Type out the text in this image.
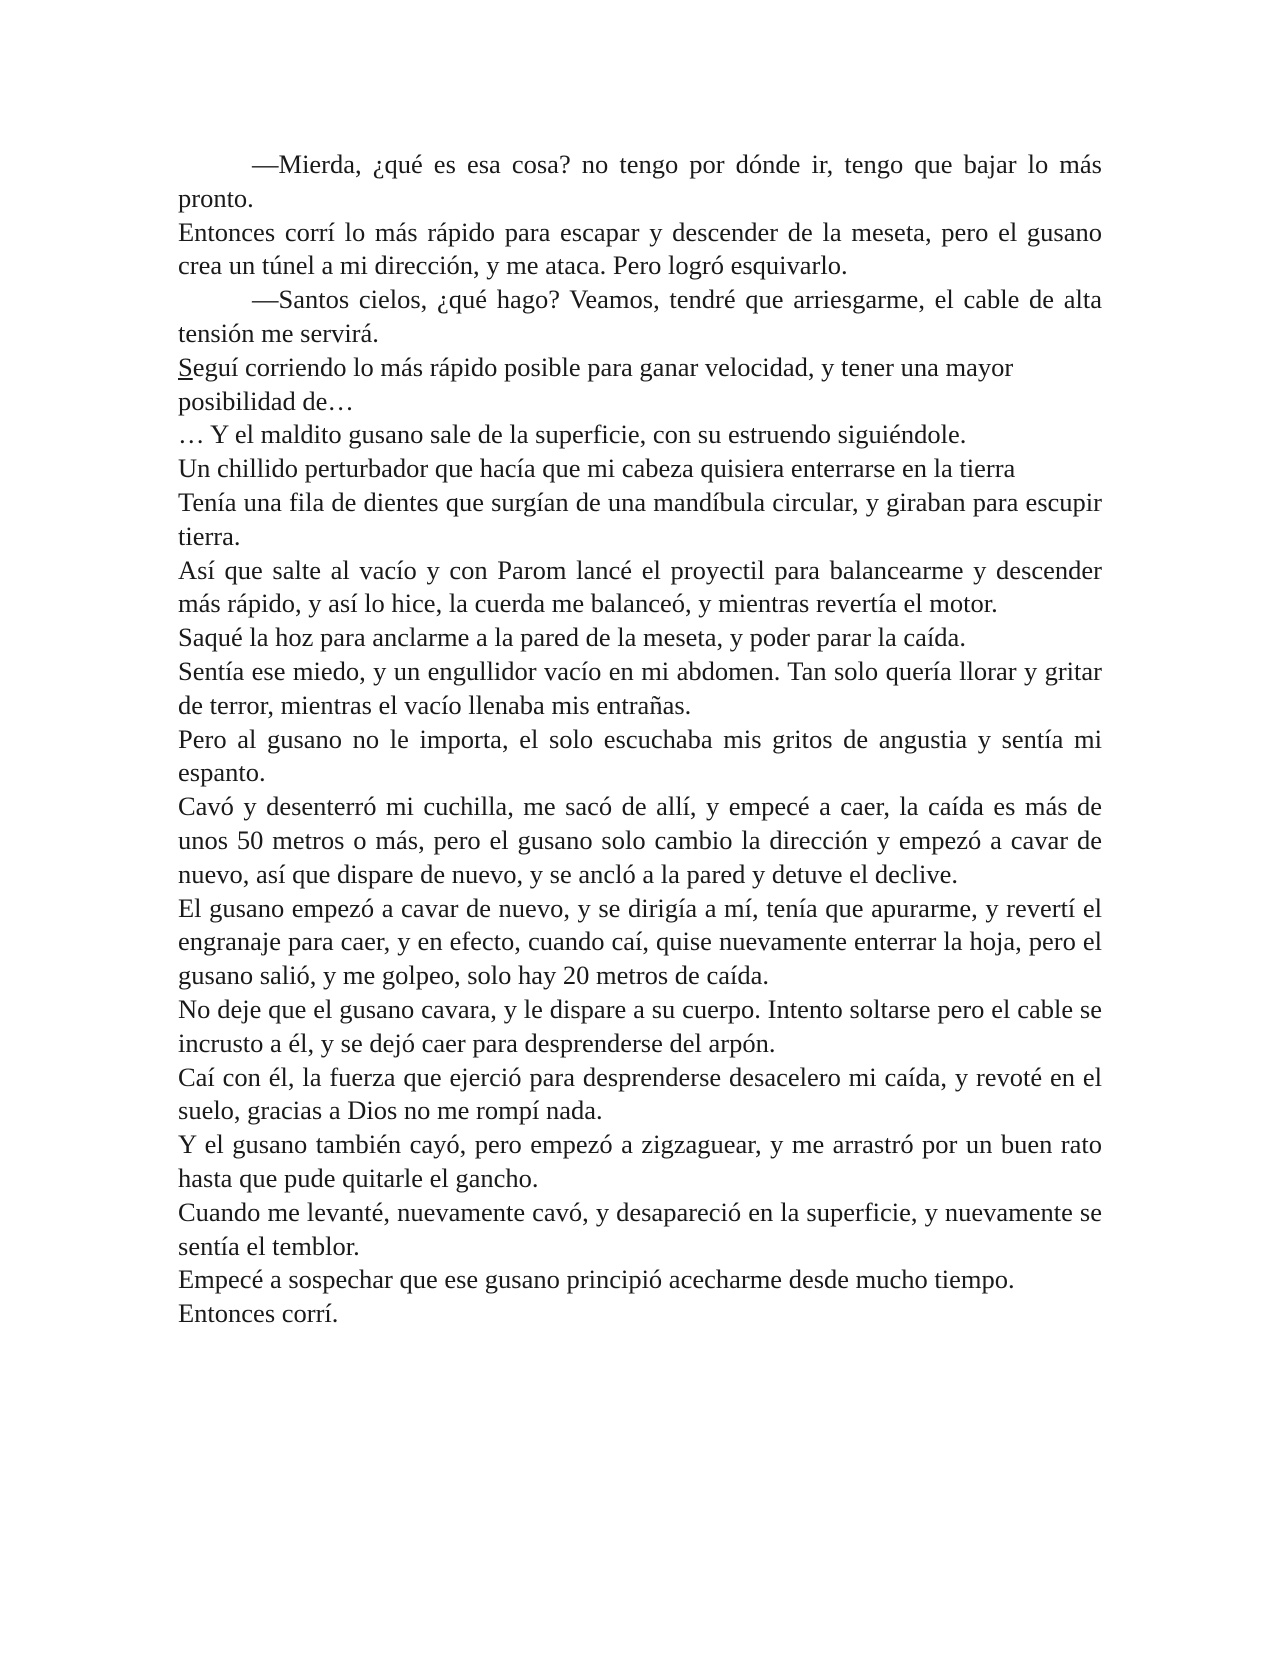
—Mierda, ¿qué es esa cosa? no tengo por dónde ir, tengo que bajar lo más pronto.

Entonces corrí lo más rápido para escapar y descender de la meseta, pero el gusano crea un túnel a mi dirección, y me ataca. Pero logró esquivarlo.

—Santos cielos, ¿qué hago? Veamos, tendré que arriesgarme, el cable de alta tensión me servirá.

Seguí corriendo lo más rápido posible para ganar velocidad, y tener una mayor posibilidad de…

… Y el maldito gusano sale de la superficie, con su estruendo siguiéndole.

Un chillido perturbador que hacía que mi cabeza quisiera enterrarse en la tierra

Tenía una fila de dientes que surgían de una mandíbula circular, y giraban para escupir tierra.

Así que salte al vacío y con Parom lancé el proyectil para balancearme y descender más rápido, y así lo hice, la cuerda me balanceó, y mientras revertía el motor.

Saqué la hoz para anclarme a la pared de la meseta, y poder parar la caída.

Sentía ese miedo, y un engullidor vacío en mi abdomen. Tan solo quería llorar y gritar de terror, mientras el vacío llenaba mis entrañas.

Pero al gusano no le importa, el solo escuchaba mis gritos de angustia y sentía mi espanto.

Cavó y desenterró mi cuchilla, me sacó de allí, y empecé a caer, la caída es más de unos 50 metros o más, pero el gusano solo cambio la dirección y empezó a cavar de nuevo, así que dispare de nuevo, y se ancló a la pared y detuve el declive.

El gusano empezó a cavar de nuevo, y se dirigía a mí, tenía que apurarme, y revertí el engranaje para caer, y en efecto, cuando caí, quise nuevamente enterrar la hoja, pero el gusano salió, y me golpeo, solo hay 20 metros de caída.

No deje que el gusano cavara, y le dispare a su cuerpo. Intento soltarse pero el cable se incrusto a él, y se dejó caer para desprenderse del arpón.

Caí con él, la fuerza que ejerció para desprenderse desacelero mi caída, y revoté en el suelo, gracias a Dios no me rompí nada.

Y el gusano también cayó, pero empezó a zigzaguear, y me arrastró por un buen rato hasta que pude quitarle el gancho.

Cuando me levanté, nuevamente cavó, y desapareció en la superficie, y nuevamente se sentía el temblor.

Empecé a sospechar que ese gusano principió acecharme desde mucho tiempo.

Entonces corrí.
